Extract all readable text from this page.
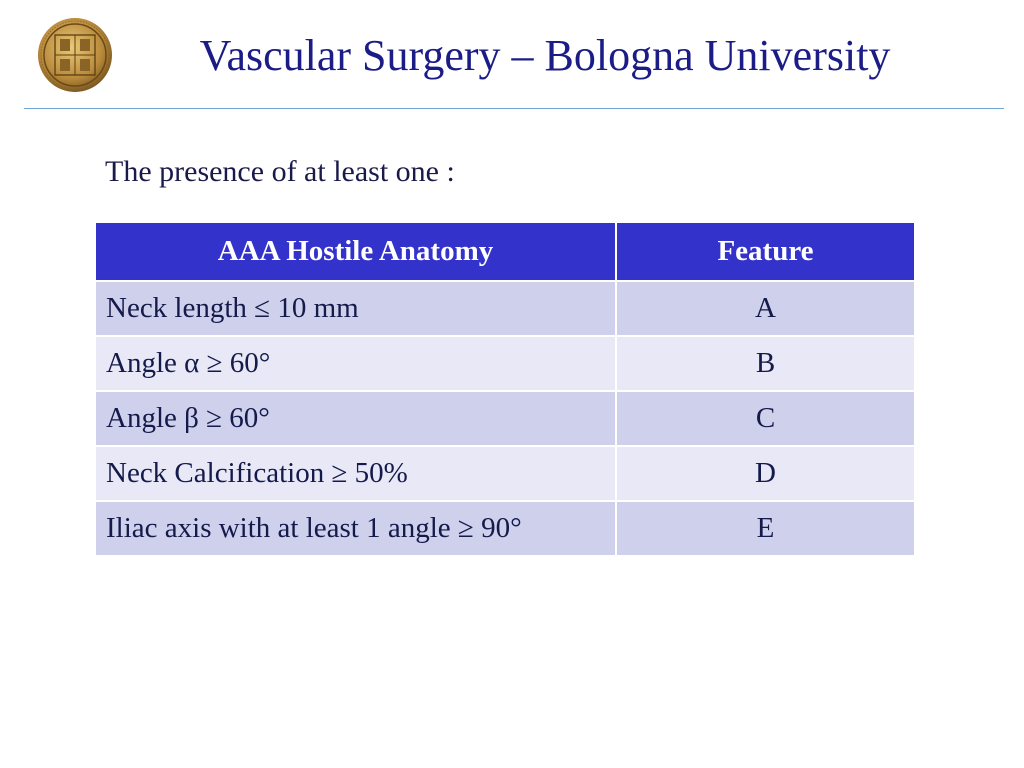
Vascular Surgery – Bologna University
The presence of at least one :
AAA Hostile Anatomy	Feature
Neck length ≤ 10 mm	A
Angle α ≥ 60°	B
Angle β ≥ 60°	C
Neck Calcification ≥ 50%	D
Iliac axis with at least 1 angle ≥ 90°	E
